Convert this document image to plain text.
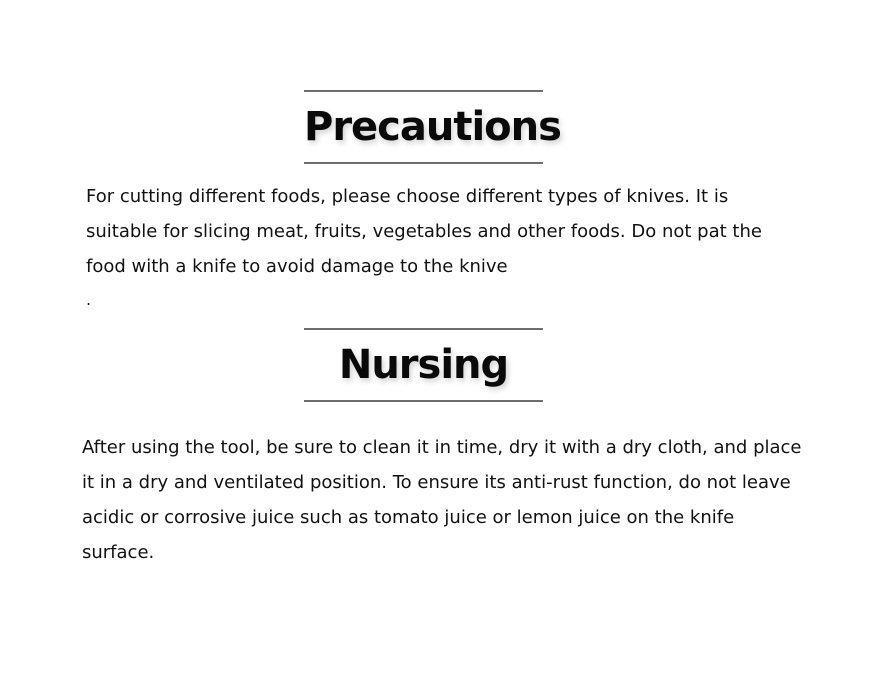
Precautions

For cutting different foods, please choose different types of knives. It is suitable for slicing meat, fruits, vegetables and other foods. Do not pat the food with a knife to avoid damage to the knive

.
Nursing

After using the tool, be sure to clean it in time, dry it with a dry cloth, and place it in a dry and ventilated position. To ensure its anti-rust function, do not leave acidic or corrosive juice such as tomato juice or lemon juice on the knife surface.
